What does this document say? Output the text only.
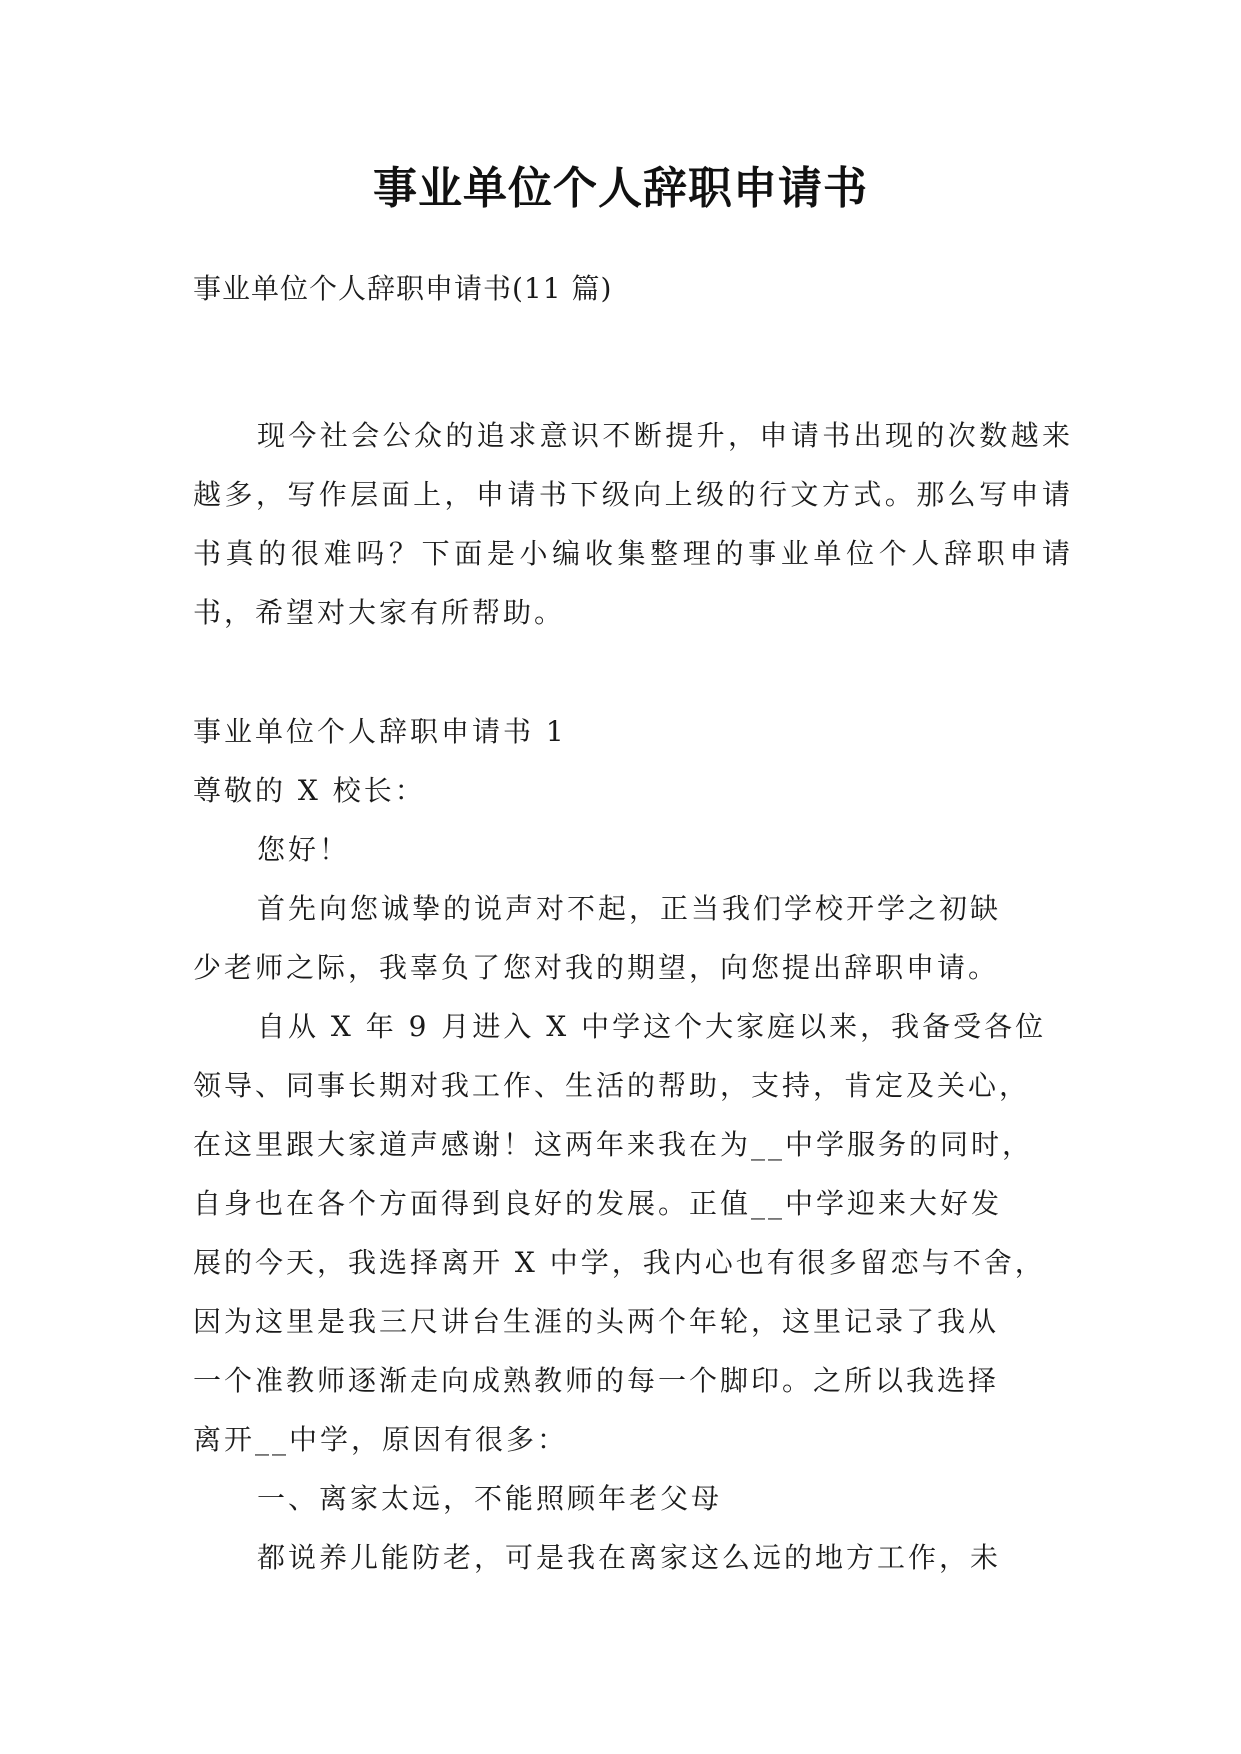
事业单位个人辞职申请书
事业单位个人辞职申请书(11 篇)

现今社会公众的追求意识不断提升，申请书出现的次数越来越多，写作层面上，申请书下级向上级的行文方式。那么写申请书真的很难吗？下面是小编收集整理的事业单位个人辞职申请书，希望对大家有所帮助。

事业单位个人辞职申请书 1
尊敬的 X 校长：
您好！
首先向您诚挚的说声对不起，正当我们学校开学之初缺
少老师之际，我辜负了您对我的期望，向您提出辞职申请。
自从 X 年 9 月进入 X 中学这个大家庭以来，我备受各位
领导、同事长期对我工作、生活的帮助，支持，肯定及关心，
在这里跟大家道声感谢！这两年来我在为__中学服务的同时，
自身也在各个方面得到良好的发展。正值__中学迎来大好发
展的今天，我选择离开 X 中学，我内心也有很多留恋与不舍，
因为这里是我三尺讲台生涯的头两个年轮，这里记录了我从
一个准教师逐渐走向成熟教师的每一个脚印。之所以我选择
离开__中学，原因有很多：
一、离家太远，不能照顾年老父母
都说养儿能防老，可是我在离家这么远的地方工作，未
